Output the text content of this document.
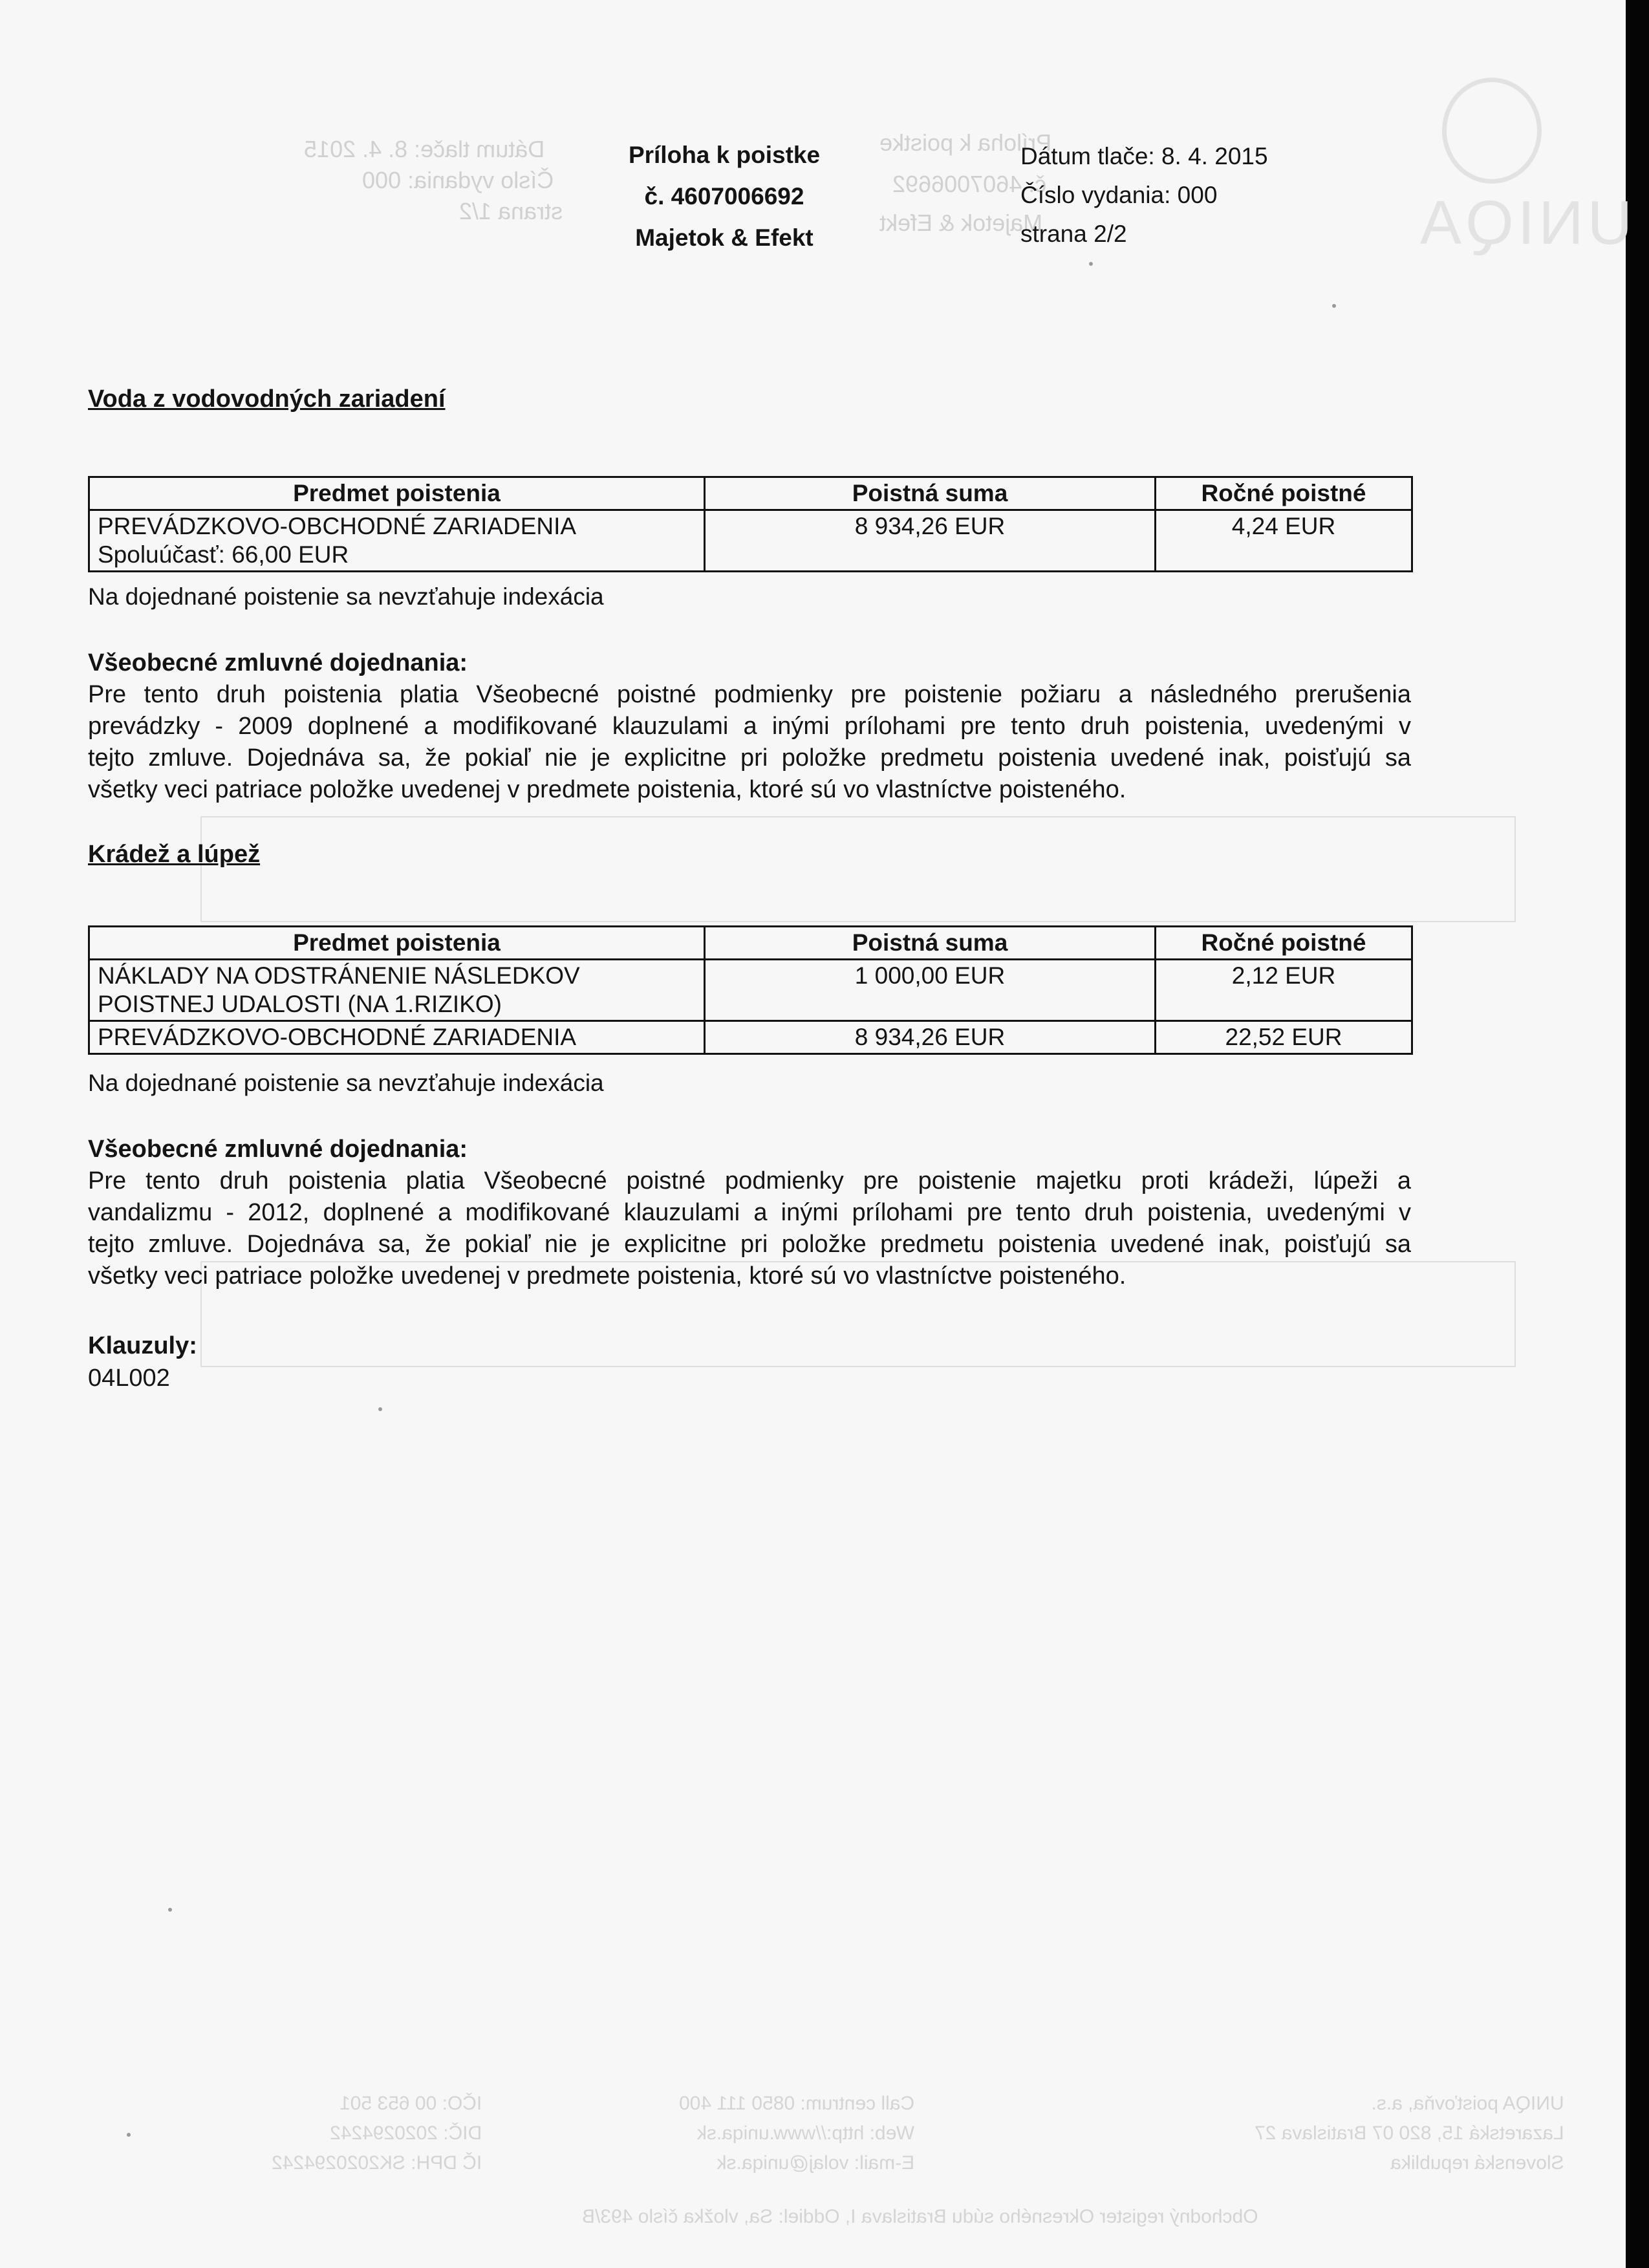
UNIQA
Dátum tlače: 8. 4. 2015
Číslo vydania: 000
strana 1/2
Príloha k poistke
č. 4607006692
Majetok & Efekt
UNIQA poisťovňa, a.s.
Lazaretská 15, 820 07 Bratislava 27
Slovenská republika
Call centrum: 0850 111 400
Web: http://www.uniqa.sk
E-mail: volaj@uniqa.sk
IČO: 00 653 501
DIČ: 2020294242
IČ DPH: SK2020294242
Obchodný register Okresného súdu Bratislava I, Oddiel: Sa, vložka číslo 493/B
Príloha k poistke
č. 4607006692
Majetok & Efekt
Dátum tlače: 8. 4. 2015
Číslo vydania: 000
strana 2/2
Voda z vodovodných zariadení
Predmet poistenia	Poistná suma	Ročné poistné

PREVÁDZKOVO-OBCHODNÉ ZARIADENIA
Spoluúčasť: 66,00 EUR	8 934,26 EUR	4,24 EUR
Na dojednané poistenie sa nevzťahuje indexácia
Všeobecné zmluvné dojednania:
Pre tento druh poistenia platia Všeobecné poistné podmienky pre poistenie požiaru a následného prerušenia
prevádzky - 2009 doplnené a modifikované klauzulami a inými prílohami pre tento druh poistenia, uvedenými v
tejto zmluve. Dojednáva sa, že pokiaľ nie je explicitne pri položke predmetu poistenia uvedené inak, poisťujú sa
všetky veci patriace položke uvedenej v predmete poistenia, ktoré sú vo vlastníctve poisteného.
Krádež a lúpež
Predmet poistenia	Poistná suma	Ročné poistné

NÁKLADY NA ODSTRÁNENIE NÁSLEDKOV
POISTNEJ UDALOSTI (NA 1.RIZIKO)	1 000,00 EUR	2,12 EUR

PREVÁDZKOVO-OBCHODNÉ ZARIADENIA	8 934,26 EUR	22,52 EUR
Na dojednané poistenie sa nevzťahuje indexácia
Všeobecné zmluvné dojednania:
Pre tento druh poistenia platia Všeobecné poistné podmienky pre poistenie majetku proti krádeži, lúpeži a
vandalizmu - 2012, doplnené a modifikované klauzulami a inými prílohami pre tento druh poistenia, uvedenými v
tejto zmluve. Dojednáva sa, že pokiaľ nie je explicitne pri položke predmetu poistenia uvedené inak, poisťujú sa
všetky veci patriace položke uvedenej v predmete poistenia, ktoré sú vo vlastníctve poisteného.
Klauzuly:
04L002
